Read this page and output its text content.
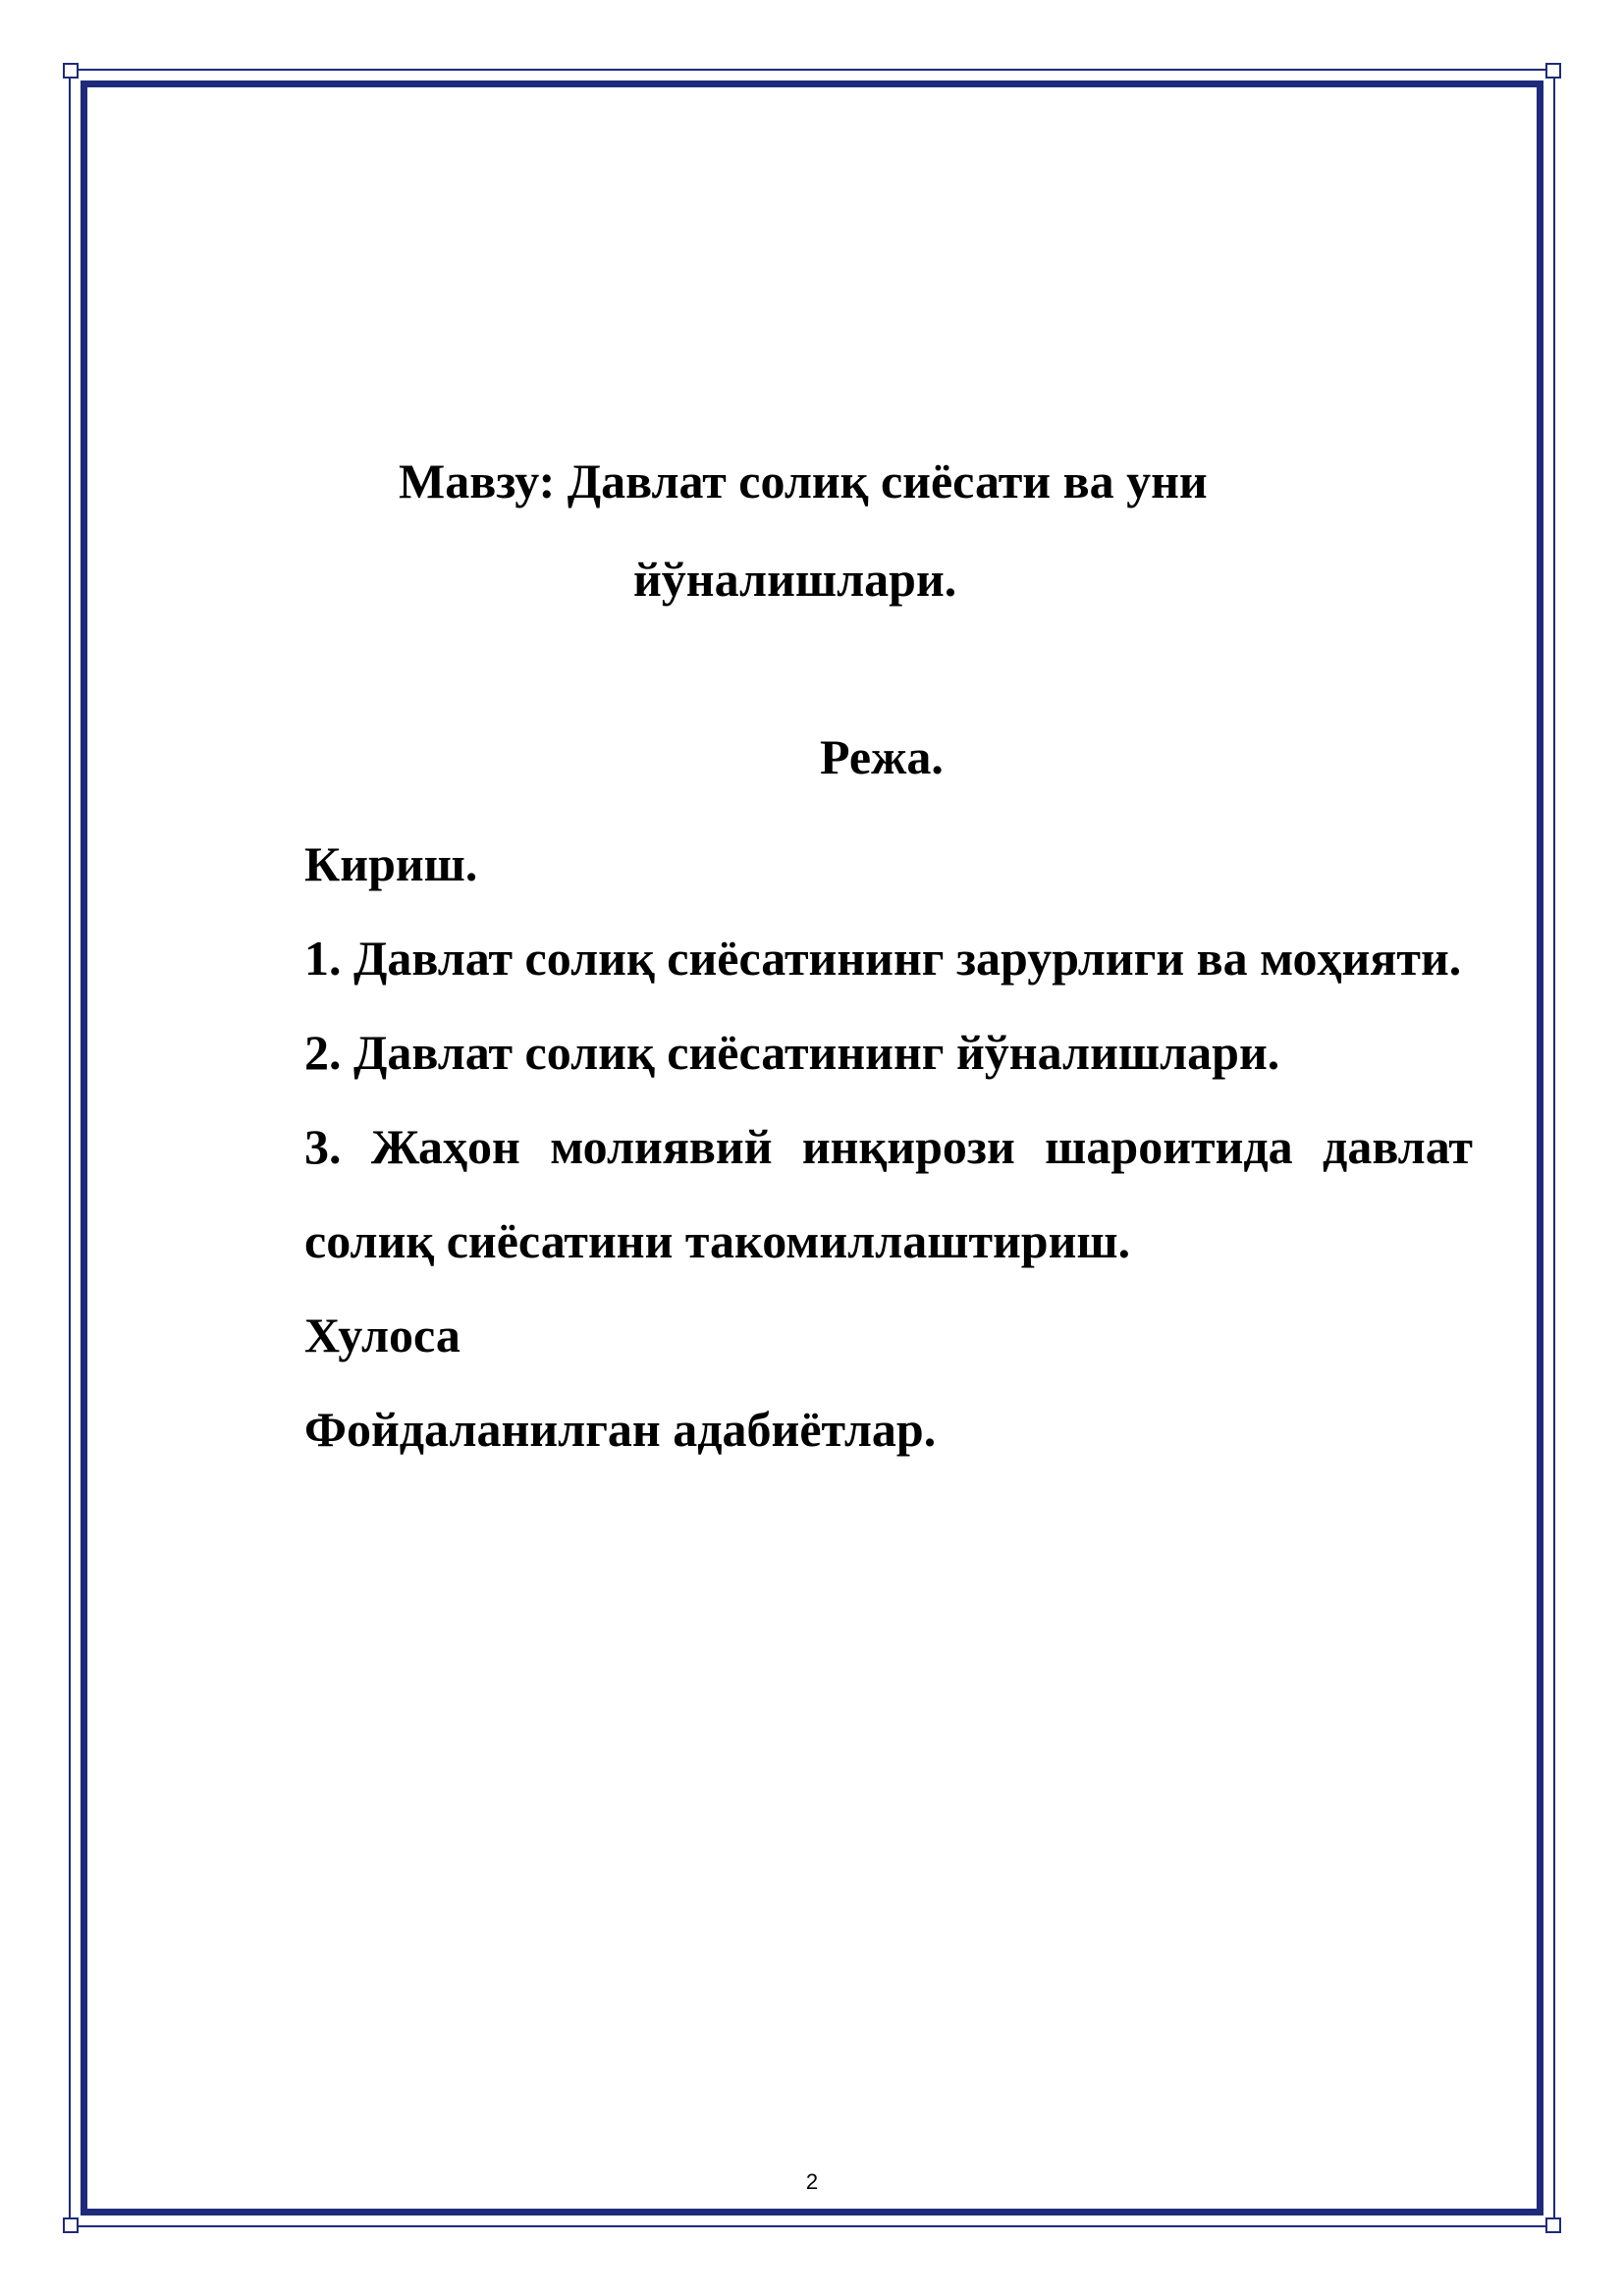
Мавзу: Давлат солиқ сиёсати ва уни
йўналишлари.
Режа.
Кириш.
1. Давлат солиқ сиёсатининг зарурлиги ва моҳияти.
2. Давлат солиқ сиёсатининг йўналишлари.
3. Жаҳон молиявий инқирози шароитида давлат солиқ сиёсатини такомиллаштириш.
Хулоса
Фойдаланилган адабиётлар.
2
